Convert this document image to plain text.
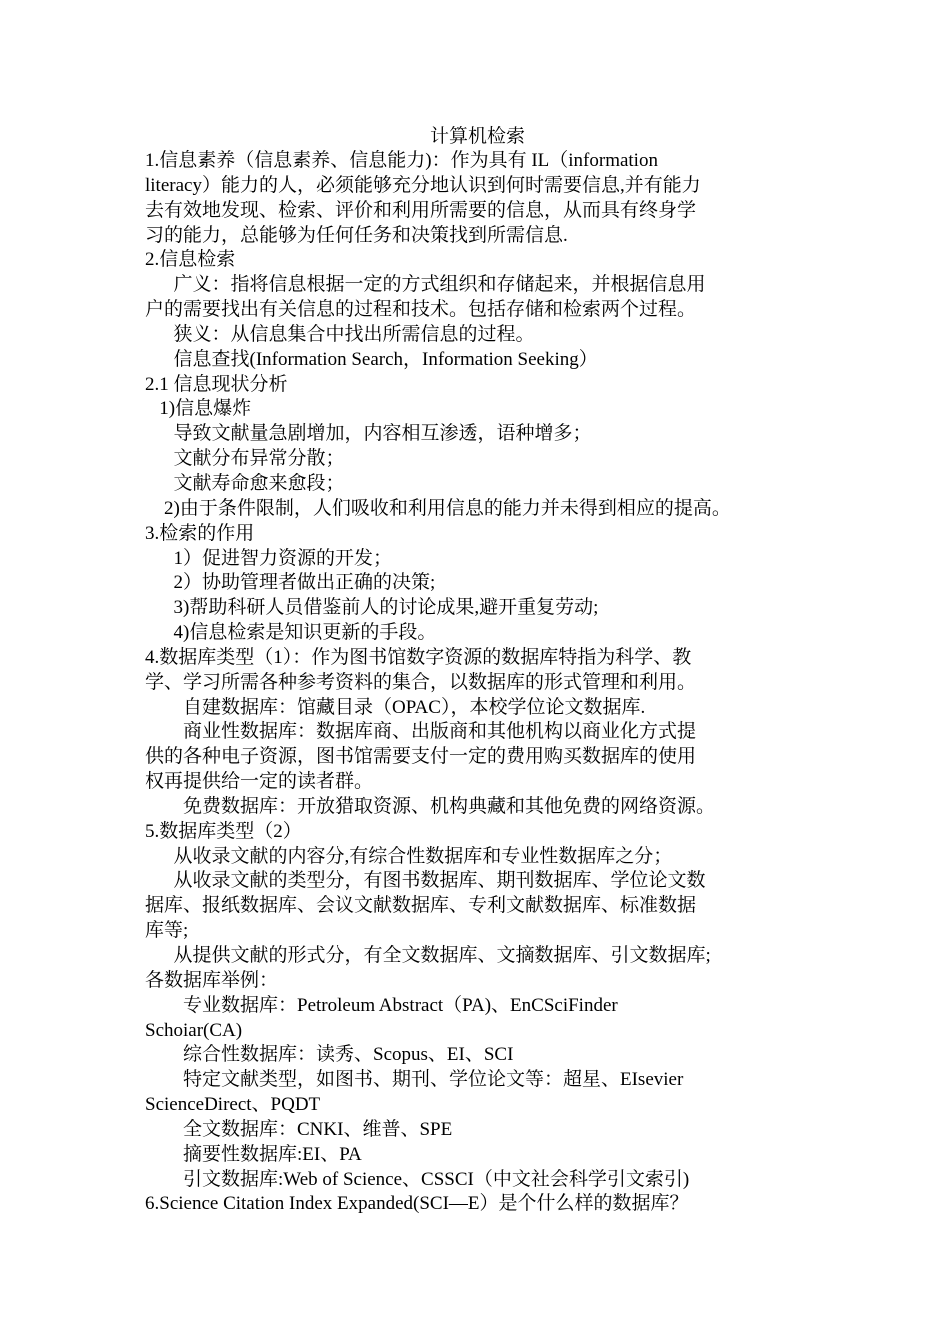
计算机检索
1.信息素养（信息素养、信息能力)：作为具有 IL（information
literacy）能力的人，必须能够充分地认识到何时需要信息,并有能力
去有效地发现、检索、评价和利用所需要的信息，从而具有终身学
习的能力，总能够为任何任务和决策找到所需信息.
2.信息检索
广义：指将信息根据一定的方式组织和存储起来，并根据信息用
户的需要找出有关信息的过程和技术。包括存储和检索两个过程。
狭义：从信息集合中找出所需信息的过程。
信息查找(Information Search，Information Seeking）
2.1 信息现状分析
1)信息爆炸
导致文献量急剧增加，内容相互渗透，语种增多；
文献分布异常分散；
文献寿命愈来愈段；
2)由于条件限制，人们吸收和利用信息的能力并未得到相应的提高。
3.检索的作用
1）促进智力资源的开发；
2）协助管理者做出正确的决策;
3)帮助科研人员借鉴前人的讨论成果,避开重复劳动;
4)信息检索是知识更新的手段。
4.数据库类型（1）：作为图书馆数字资源的数据库特指为科学、教
学、学习所需各种参考资料的集合，以数据库的形式管理和利用。
自建数据库：馆藏目录（OPAC），本校学位论文数据库.
商业性数据库：数据库商、出版商和其他机构以商业化方式提
供的各种电子资源，图书馆需要支付一定的费用购买数据库的使用
权再提供给一定的读者群。
免费数据库：开放猎取资源、机构典藏和其他免费的网络资源。
5.数据库类型（2）
从收录文献的内容分,有综合性数据库和专业性数据库之分；
从收录文献的类型分，有图书数据库、期刊数据库、学位论文数
据库、报纸数据库、会议文献数据库、专利文献数据库、标准数据
库等;
从提供文献的形式分，有全文数据库、文摘数据库、引文数据库;
各数据库举例：
专业数据库：Petroleum Abstract（PA)、EnCSciFinder
Schoiar(CA)
综合性数据库：读秀、Scopus、EI、SCI
特定文献类型，如图书、期刊、学位论文等：超星、EIsevier
ScienceDirect、PQDT
全文数据库：CNKI、维普、SPE
摘要性数据库:EI、PA
引文数据库:Web of Science、CSSCI（中文社会科学引文索引)
6.Science Citation Index Expanded(SCI—E）是个什么样的数据库？
